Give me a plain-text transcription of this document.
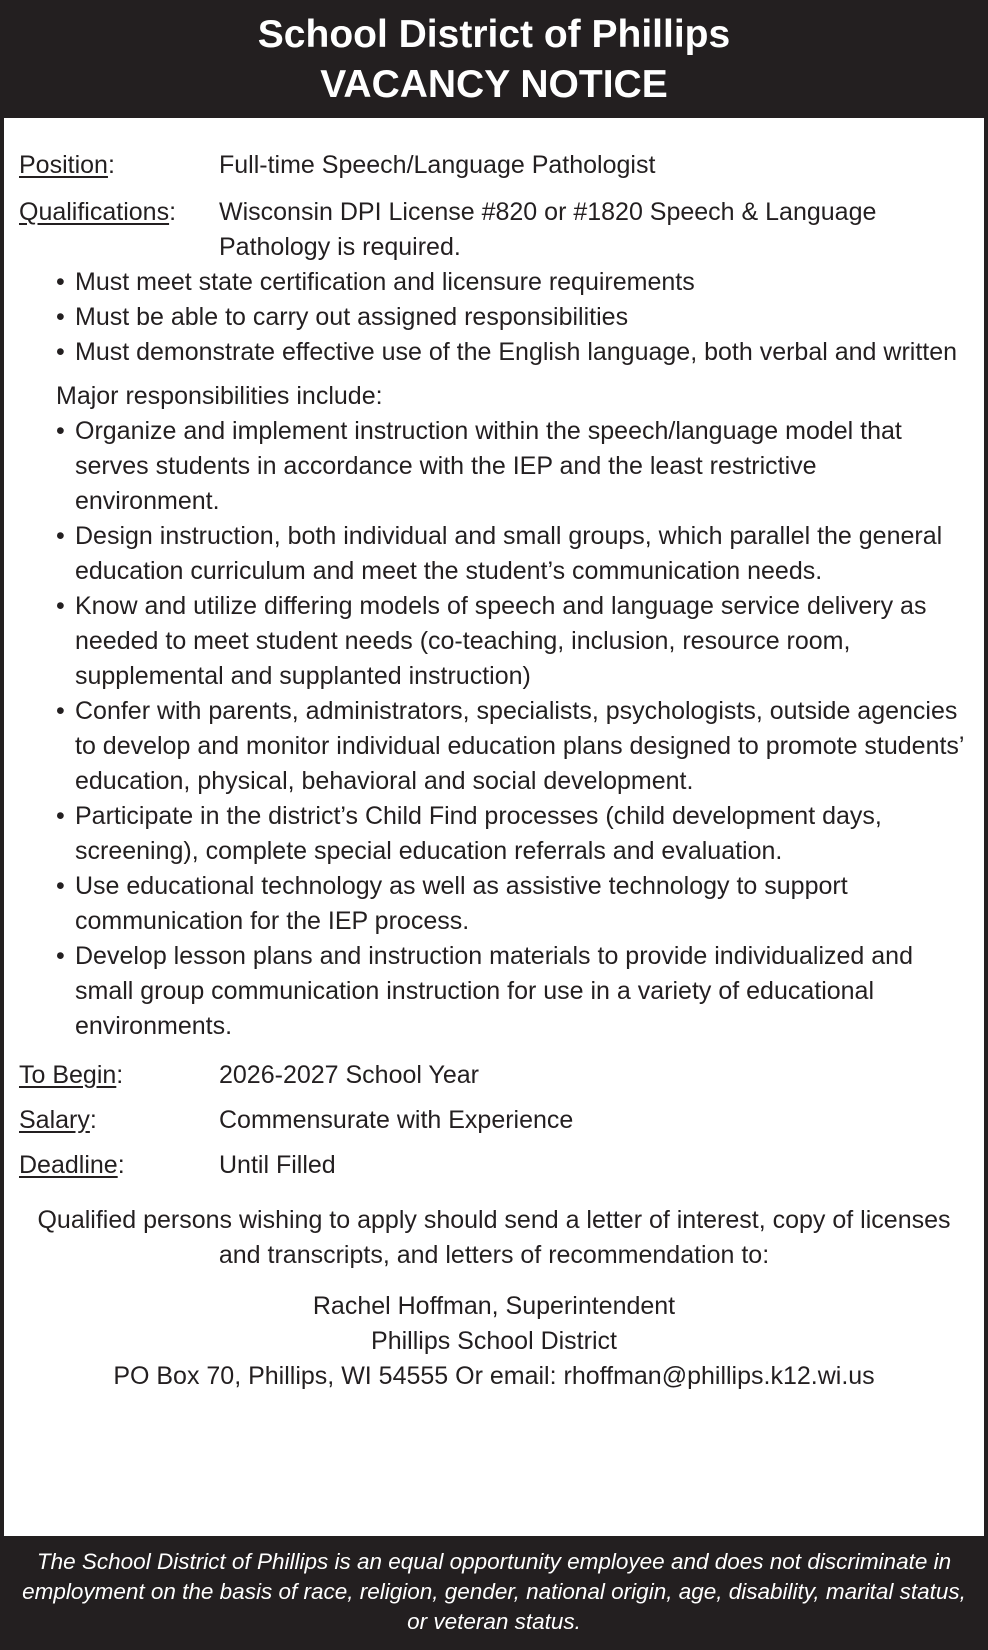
School District of Phillips
VACANCY NOTICE
Position:	Full-time Speech/Language Pathologist
Qualifications:	Wisconsin DPI License #820 or #1820 Speech & Language Pathology is required.
• Must meet state certification and licensure requirements
• Must be able to carry out assigned responsibilities
• Must demonstrate effective use of the English language, both verbal and written
Major responsibilities include:
• Organize and implement instruction within the speech/language model that serves students in accordance with the IEP and the least restrictive environment.
• Design instruction, both individual and small groups, which parallel the general education curriculum and meet the student’s communication needs.
• Know and utilize differing models of speech and language service delivery as needed to meet student needs (co-teaching, inclusion, resource room, supplemental and supplanted instruction)
• Confer with parents, administrators, specialists, psychologists, outside agencies to develop and monitor individual education plans designed to promote students’ education, physical, behavioral and social development.
• Participate in the district’s Child Find processes (child development days, screening), complete special education referrals and evaluation.
• Use educational technology as well as assistive technology to support communication for the IEP process.
• Develop lesson plans and instruction materials to provide individualized and small group communication instruction for use in a variety of educational environments.
To Begin:	2026-2027 School Year
Salary:	Commensurate with Experience
Deadline:	Until Filled
Qualified persons wishing to apply should send a letter of interest, copy of licenses and transcripts, and letters of recommendation to:
Rachel Hoffman, Superintendent
Phillips School District
PO Box 70, Phillips, WI 54555 Or email: rhoffman@phillips.k12.wi.us
The School District of Phillips is an equal opportunity employee and does not discriminate in employment on the basis of race, religion, gender, national origin, age, disability, marital status, or veteran status.
